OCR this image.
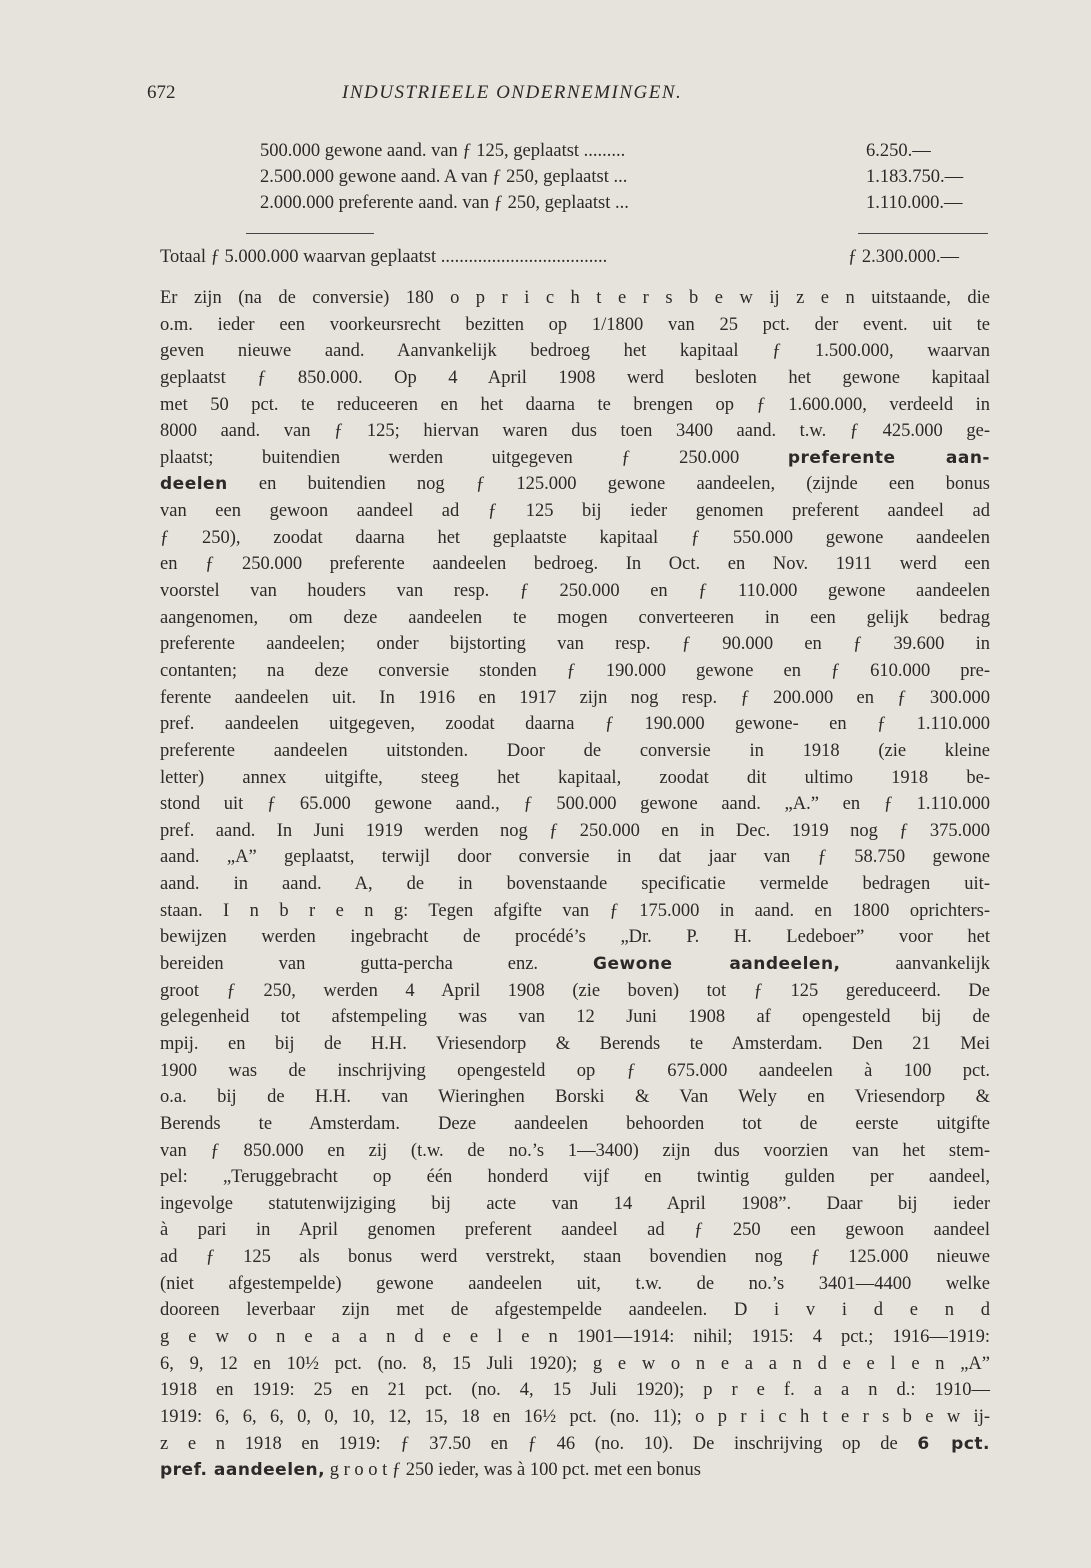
672	INDUSTRIEELE ONDERNEMINGEN.
500.000 gewone aand. van ƒ 125, geplaatst .........	6.250.—
2.500.000 gewone aand. A van ƒ 250, geplaatst ...	1.183.750.—
2.000.000 preferente aand. van ƒ 250, geplaatst ...	1.110.000.—
Totaal ƒ 5.000.000 waarvan geplaatst ....................................	ƒ 2.300.000.—
Er zijn (na de conversie) 180 o p r i c h t e r s b e w ij z e n uitstaande, die
o.m. ieder een voorkeursrecht bezitten op 1/1800 van 25 pct. der event. uit te
geven nieuwe aand. Aanvankelijk bedroeg het kapitaal ƒ 1.500.000, waarvan
geplaatst ƒ 850.000. Op 4 April 1908 werd besloten het gewone kapitaal
met 50 pct. te reduceeren en het daarna te brengen op ƒ 1.600.000, verdeeld in
8000 aand. van ƒ 125; hiervan waren dus toen 3400 aand. t.w. ƒ 425.000 ge-
plaatst; buitendien werden uitgegeven ƒ 250.000 preferente aan-
deelen en buitendien nog ƒ 125.000 gewone aandeelen, (zijnde een bonus
van een gewoon aandeel ad ƒ 125 bij ieder genomen preferent aandeel ad
ƒ 250), zoodat daarna het geplaatste kapitaal ƒ 550.000 gewone aandeelen
en ƒ 250.000 preferente aandeelen bedroeg. In Oct. en Nov. 1911 werd een
voorstel van houders van resp. ƒ 250.000 en ƒ 110.000 gewone aandeelen
aangenomen, om deze aandeelen te mogen converteeren in een gelijk bedrag
preferente aandeelen; onder bijstorting van resp. ƒ 90.000 en ƒ 39.600 in
contanten; na deze conversie stonden ƒ 190.000 gewone en ƒ 610.000 pre-
ferente aandeelen uit. In 1916 en 1917 zijn nog resp. ƒ 200.000 en ƒ 300.000
pref. aandeelen uitgegeven, zoodat daarna ƒ 190.000 gewone- en ƒ 1.110.000
preferente aandeelen uitstonden. Door de conversie in 1918 (zie kleine
letter) annex uitgifte, steeg het kapitaal, zoodat dit ultimo 1918 be-
stond uit ƒ 65.000 gewone aand., ƒ 500.000 gewone aand. „A.” en ƒ 1.110.000
pref. aand. In Juni 1919 werden nog ƒ 250.000 en in Dec. 1919 nog ƒ 375.000
aand. „A” geplaatst, terwijl door conversie in dat jaar van ƒ 58.750 gewone
aand. in aand. A, de in bovenstaande specificatie vermelde bedragen uit-
staan. I n b r e n g: Tegen afgifte van ƒ 175.000 in aand. en 1800 oprichters-
bewijzen werden ingebracht de procédé’s „Dr. P. H. Ledeboer” voor het
bereiden van gutta-percha enz. Gewone aandeelen, aanvankelijk
groot ƒ 250, werden 4 April 1908 (zie boven) tot ƒ 125 gereduceerd. De
gelegenheid tot afstempeling was van 12 Juni 1908 af opengesteld bij de
mpij. en bij de H.H. Vriesendorp & Berends te Amsterdam. Den 21 Mei
1900 was de inschrijving opengesteld op ƒ 675.000 aandeelen à 100 pct.
o.a. bij de H.H. van Wieringhen Borski & Van Wely en Vriesendorp &
Berends te Amsterdam. Deze aandeelen behoorden tot de eerste uitgifte
van ƒ 850.000 en zij (t.w. de no.’s 1—3400) zijn dus voorzien van het stem-
pel: „Teruggebracht op één honderd vijf en twintig gulden per aandeel,
ingevolge statutenwijziging bij acte van 14 April 1908”. Daar bij ieder
à pari in April genomen preferent aandeel ad ƒ 250 een gewoon aandeel
ad ƒ 125 als bonus werd verstrekt, staan bovendien nog ƒ 125.000 nieuwe
(niet afgestempelde) gewone aandeelen uit, t.w. de no.’s 3401—4400 welke
dooreen leverbaar zijn met de afgestempelde aandeelen. D i v i d e n d
g e w o n e a a n d e e l e n 1901—1914: nihil; 1915: 4 pct.; 1916—1919:
6, 9, 12 en 10½ pct. (no. 8, 15 Juli 1920); g e w o n e a a n d e e l e n „A”
1918 en 1919: 25 en 21 pct. (no. 4, 15 Juli 1920); p r e f. a a n d.: 1910—
1919: 6, 6, 6, 0, 0, 10, 12, 15, 18 en 16½ pct. (no. 11); o p r i c h t e r s b e w ij-
z e n 1918 en 1919: ƒ 37.50 en ƒ 46 (no. 10). De inschrijving op de 6 pct.
pref. aandeelen, g r o o t ƒ 250 ieder, was à 100 pct. met een bonus
